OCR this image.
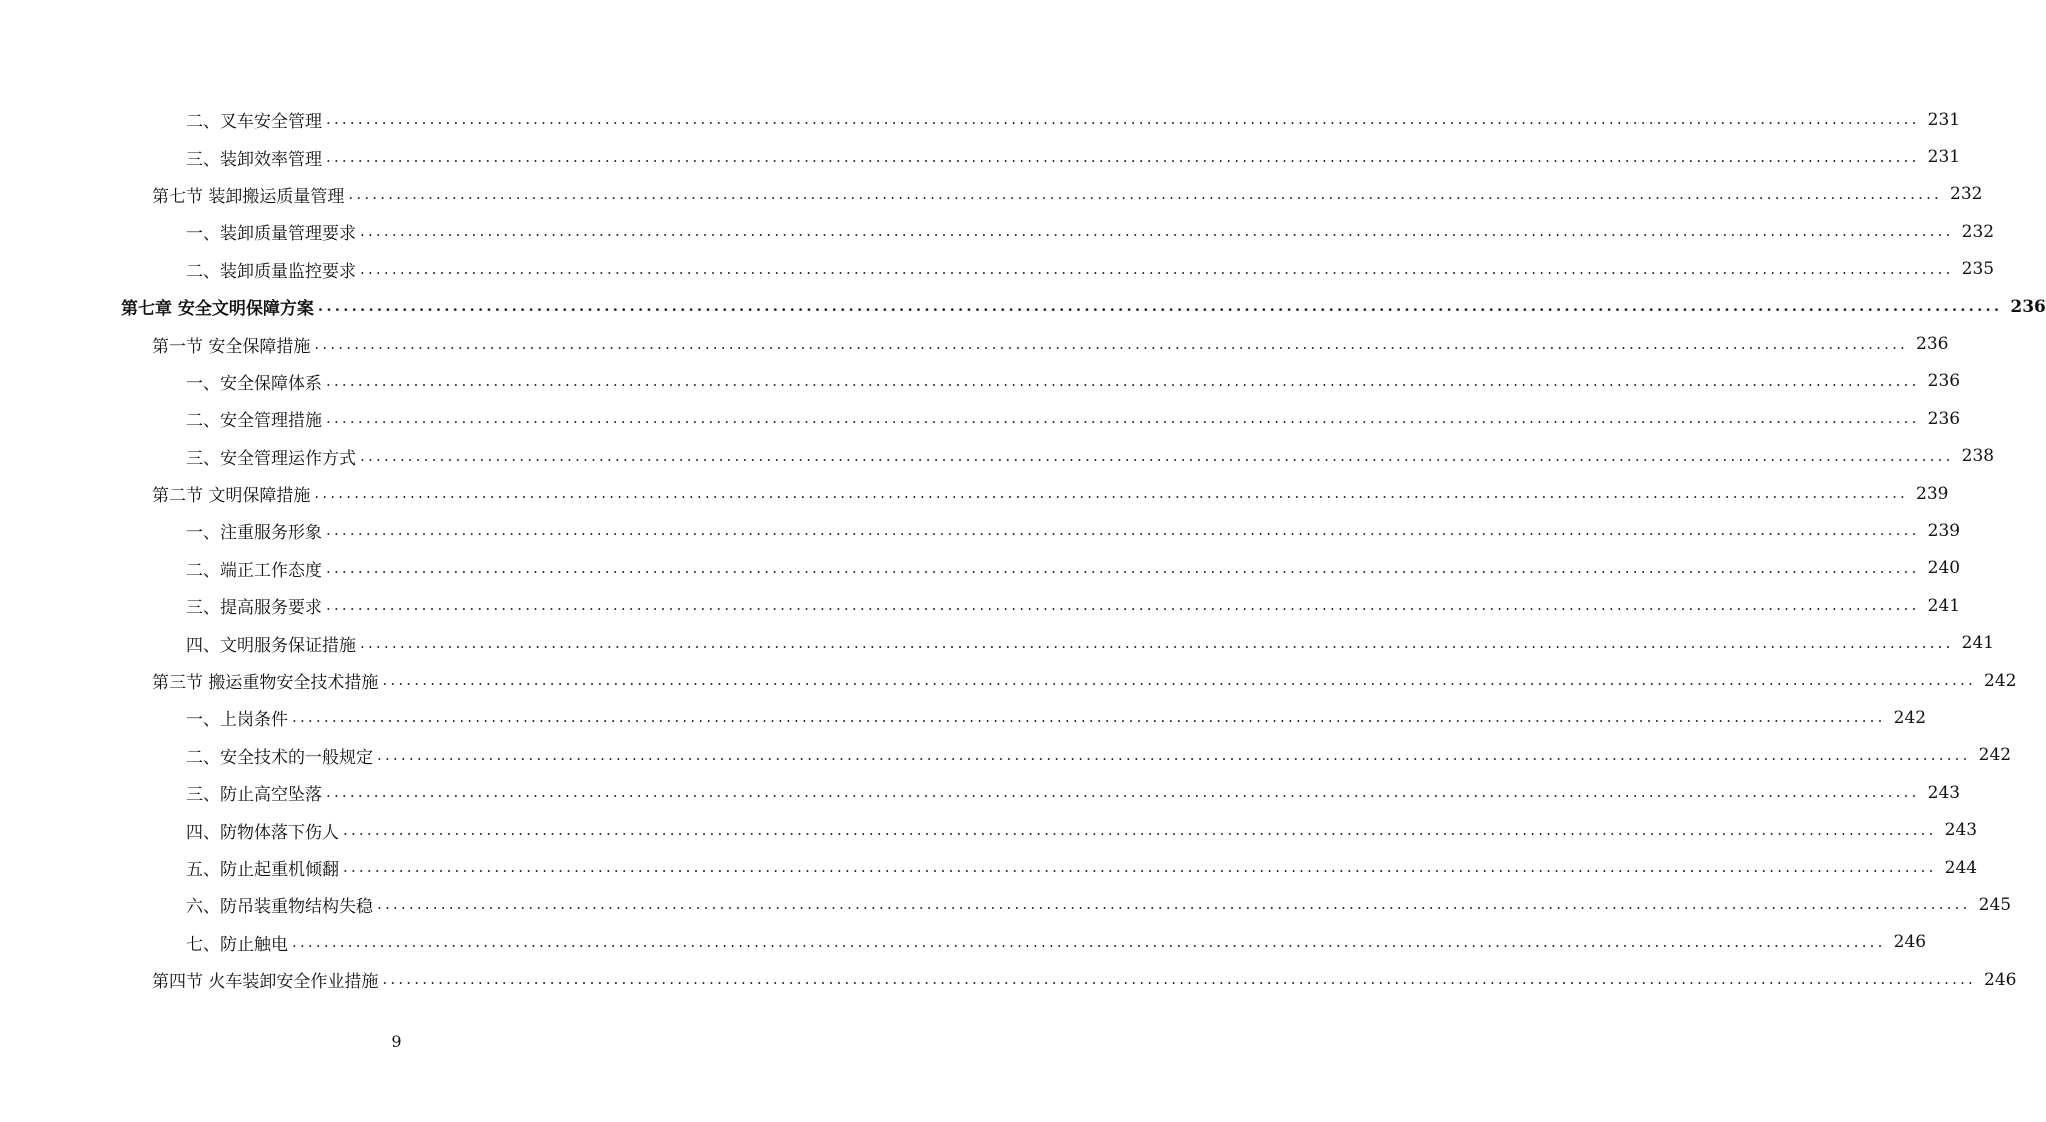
二、叉车安全管理 ........................................................................................................................................................................................................ 231
三、装卸效率管理 ........................................................................................................................................................................................................ 231
第七节 装卸搬运质量管理 ........................................................................................................................................................................................................ 232
一、装卸质量管理要求 ........................................................................................................................................................................................................ 232
二、装卸质量监控要求 ........................................................................................................................................................................................................ 235
第七章 安全文明保障方案 ........................................................................................................................................................................................................ 236
第一节 安全保障措施 ........................................................................................................................................................................................................ 236
一、安全保障体系 ........................................................................................................................................................................................................ 236
二、安全管理措施 ........................................................................................................................................................................................................ 236
三、安全管理运作方式 ........................................................................................................................................................................................................ 238
第二节 文明保障措施 ........................................................................................................................................................................................................ 239
一、注重服务形象 ........................................................................................................................................................................................................ 239
二、端正工作态度 ........................................................................................................................................................................................................ 240
三、提高服务要求 ........................................................................................................................................................................................................ 241
四、文明服务保证措施 ........................................................................................................................................................................................................ 241
第三节 搬运重物安全技术措施 ........................................................................................................................................................................................................ 242
一、上岗条件 ........................................................................................................................................................................................................ 242
二、安全技术的一般规定 ........................................................................................................................................................................................................ 242
三、防止高空坠落 ........................................................................................................................................................................................................ 243
四、防物体落下伤人 ........................................................................................................................................................................................................ 243
五、防止起重机倾翻 ........................................................................................................................................................................................................ 244
六、防吊装重物结构失稳 ........................................................................................................................................................................................................ 245
七、防止触电 ........................................................................................................................................................................................................ 246
第四节 火车装卸安全作业措施 ........................................................................................................................................................................................................ 246
9
